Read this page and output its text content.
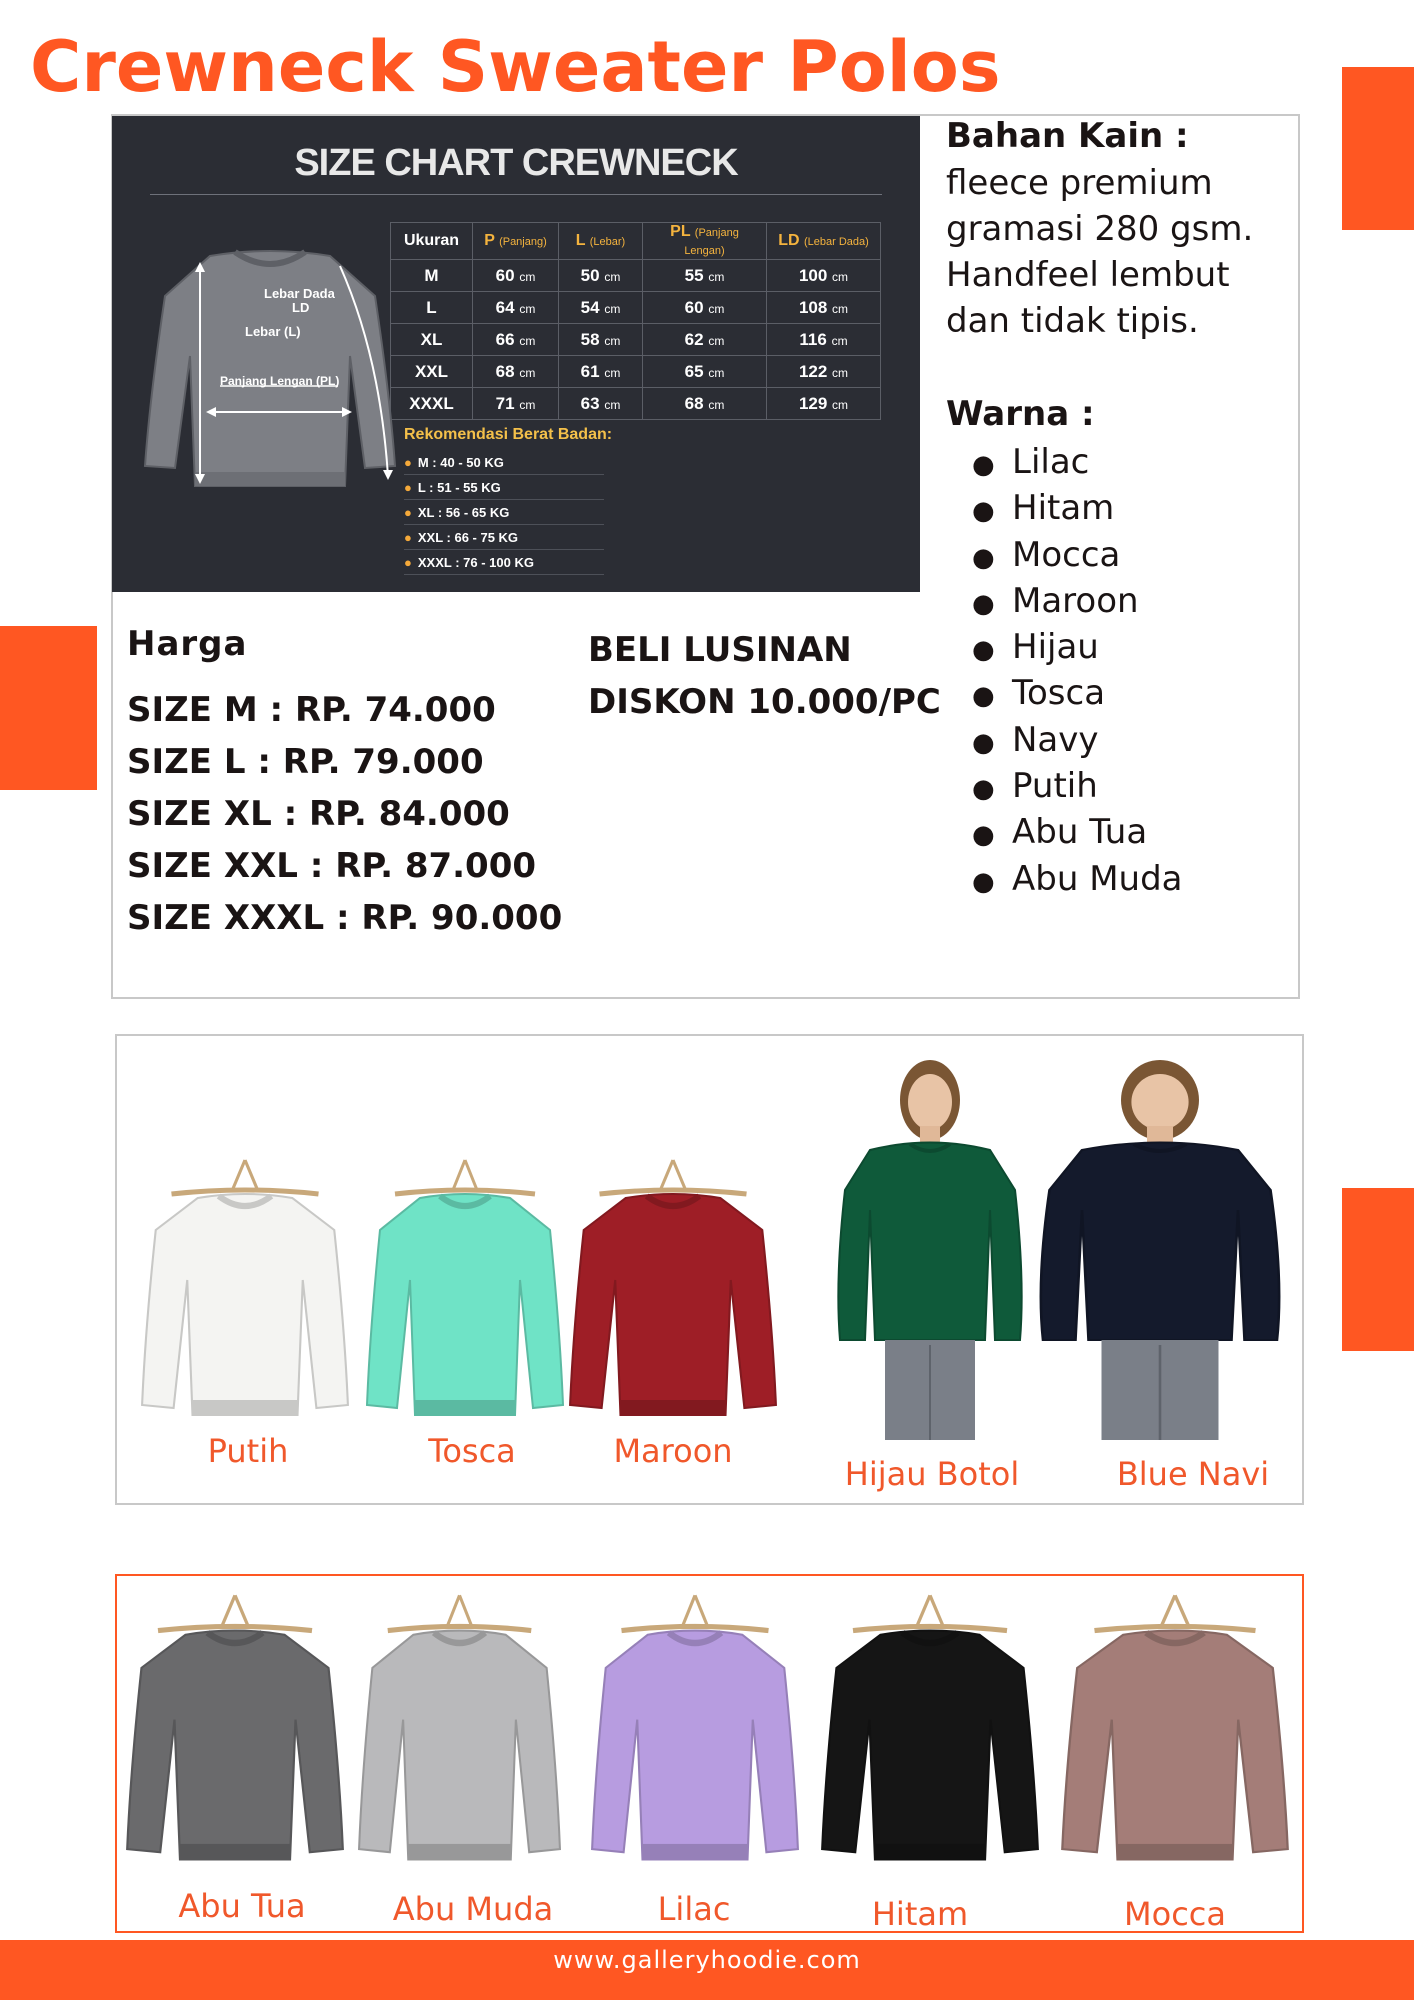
Crewneck Sweater Polos
SIZE CHART CREWNECK
Lebar Dada
LD
Lebar (L)
Panjang Lengan (PL)
Ukuran	P (Panjang)	L (Lebar)	PL (Panjang Lengan)	LD (Lebar Dada)
M	60 cm	50 cm	55 cm	100 cm
L	64 cm	54 cm	60 cm	108 cm
XL	66 cm	58 cm	62 cm	116 cm
XXL	68 cm	61 cm	65 cm	122 cm
XXXL	71 cm	63 cm	68 cm	129 cm
Rekomendasi Berat Badan:
● M : 40 - 50 KG
● L : 51 - 55 KG
● XL : 56 - 65 KG
● XXL : 66 - 75 KG
● XXXL : 76 - 100 KG
Bahan Kain :
fleece premium
gramasi 280 gsm.
Handfeel lembut
dan tidak tipis.
Warna :
● Lilac
● Hitam
● Mocca
● Maroon
● Hijau
● Tosca
● Navy
● Putih
● Abu Tua
● Abu Muda
Harga
SIZE M : RP. 74.000
SIZE L : RP. 79.000
SIZE XL : RP. 84.000
SIZE XXL : RP. 87.000
SIZE XXXL : RP. 90.000
BELI LUSINAN
DISKON 10.000/PC
Putih	Tosca	Maroon
Hijau Botol	Blue Navi
Abu Tua	Abu Muda	Lilac	Hitam	Mocca
www.galleryhoodie.com
